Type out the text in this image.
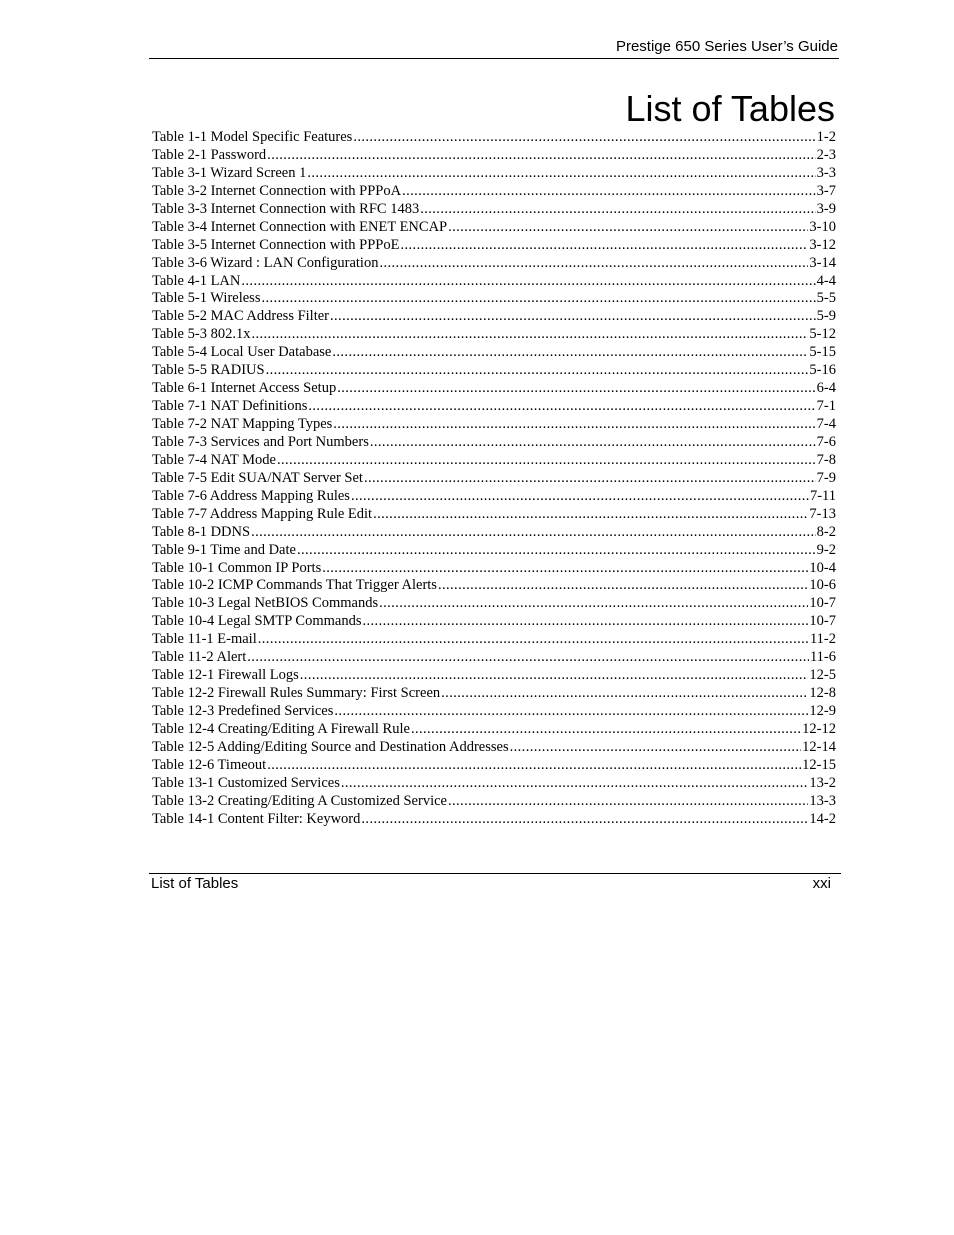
Prestige 650 Series User’s Guide
List of Tables
Table 1-1 Model Specific Features .....	1-2
Table 2-1 Password .....	2-3
Table 3-1 Wizard Screen 1 .....	3-3
Table 3-2 Internet Connection with PPPoA .....	3-7
Table 3-3 Internet Connection with RFC 1483 .....	3-9
Table 3-4 Internet Connection with ENET ENCAP .....	3-10
Table 3-5 Internet Connection with PPPoE .....	3-12
Table 3-6 Wizard : LAN Configuration .....	3-14
Table 4-1 LAN .....	4-4
Table 5-1 Wireless .....	5-5
Table 5-2 MAC Address Filter .....	5-9
Table 5-3 802.1x .....	5-12
Table 5-4 Local User Database .....	5-15
Table 5-5 RADIUS .....	5-16
Table 6-1 Internet Access Setup .....	6-4
Table 7-1 NAT Definitions .....	7-1
Table 7-2 NAT Mapping Types .....	7-4
Table 7-3 Services and Port Numbers .....	7-6
Table 7-4 NAT Mode .....	7-8
Table 7-5 Edit SUA/NAT Server Set .....	7-9
Table 7-6 Address Mapping Rules .....	7-11
Table 7-7 Address Mapping Rule Edit .....	7-13
Table 8-1 DDNS .....	8-2
Table 9-1 Time and Date .....	9-2
Table 10-1 Common IP Ports .....	10-4
Table 10-2 ICMP Commands That Trigger Alerts .....	10-6
Table 10-3 Legal NetBIOS Commands .....	10-7
Table 10-4 Legal SMTP Commands .....	10-7
Table 11-1 E-mail .....	11-2
Table 11-2 Alert .....	11-6
Table 12-1 Firewall Logs .....	12-5
Table 12-2 Firewall Rules Summary: First Screen .....	12-8
Table 12-3 Predefined Services .....	12-9
Table 12-4 Creating/Editing A Firewall Rule .....	12-12
Table 12-5 Adding/Editing Source and Destination Addresses .....	12-14
Table 12-6 Timeout .....	12-15
Table 13-1 Customized Services .....	13-2
Table 13-2 Creating/Editing A Customized Service .....	13-3
Table 14-1 Content Filter: Keyword .....	14-2
List of Tables	xxi
